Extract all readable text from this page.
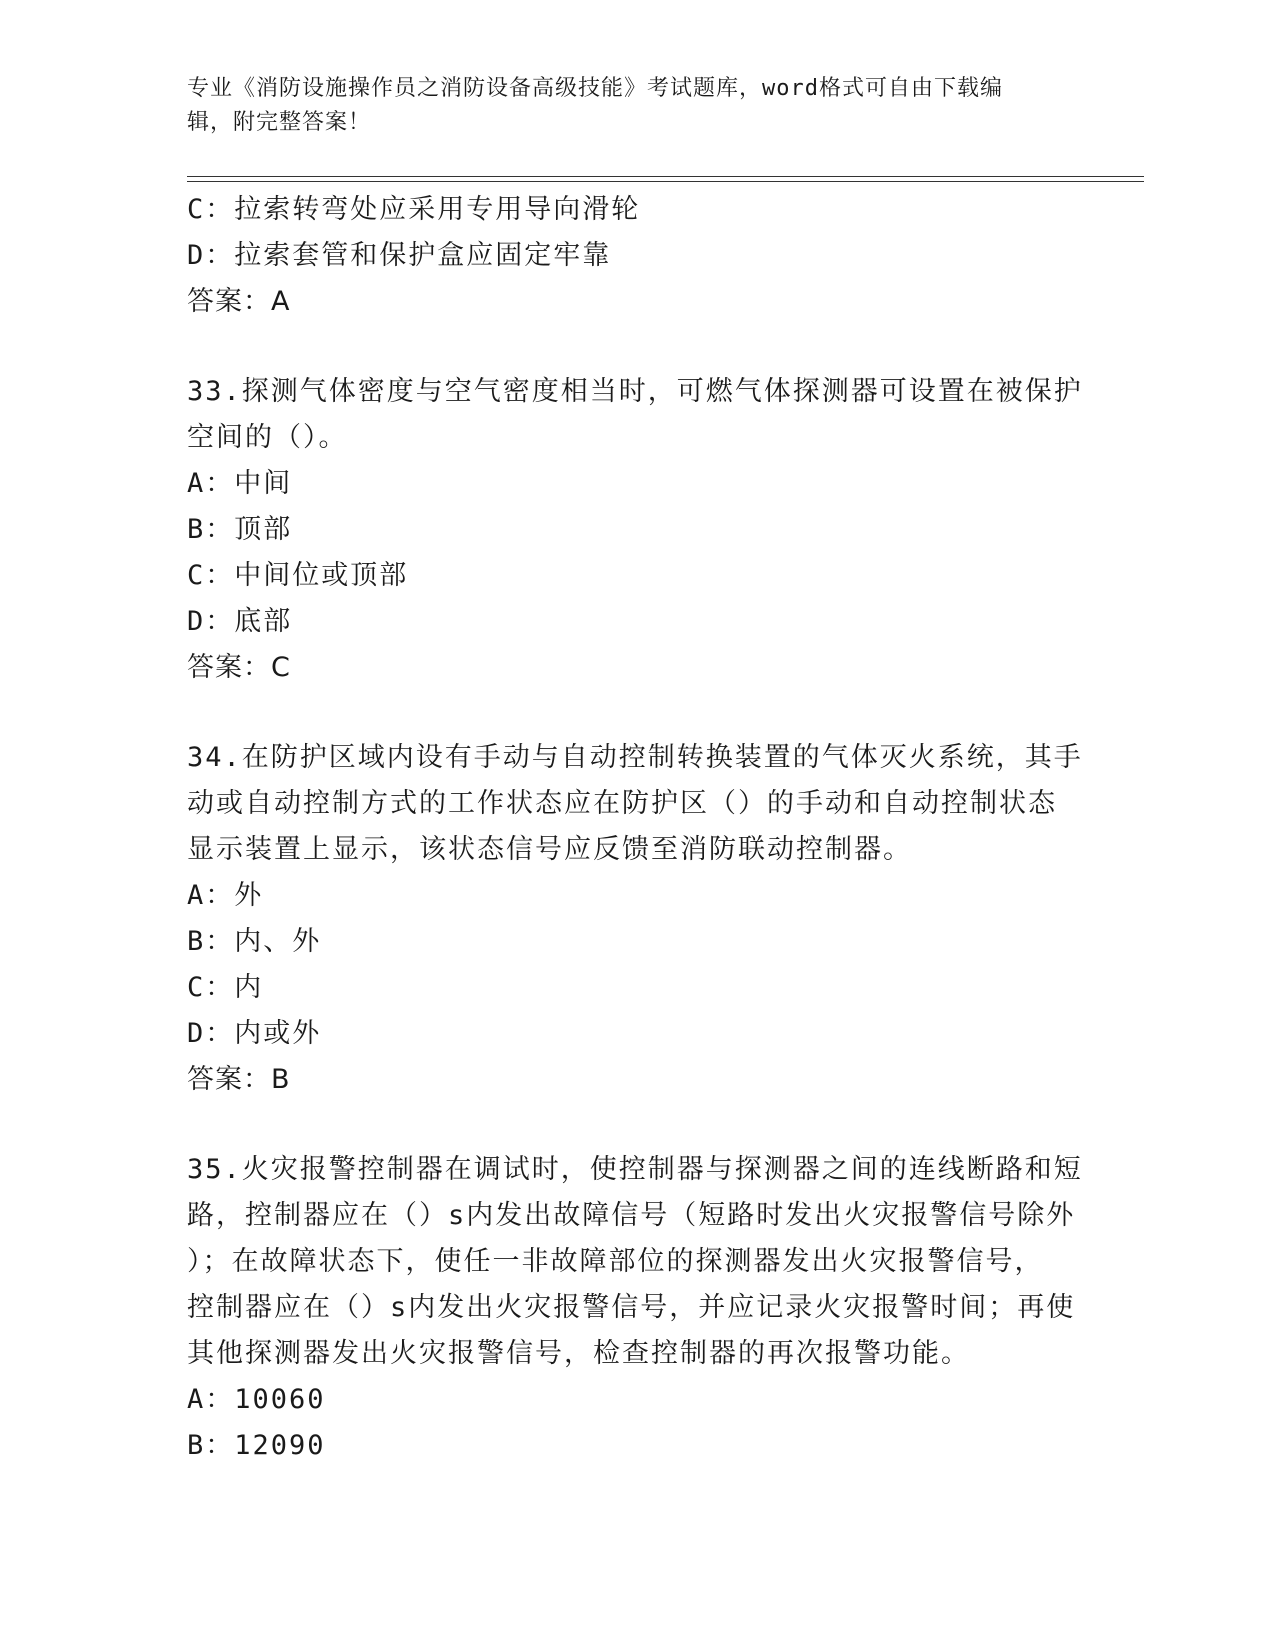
专业《消防设施操作员之消防设备高级技能》考试题库，word格式可自由下载编
辑，附完整答案！
C：拉索转弯处应采用专用导向滑轮
D：拉索套管和保护盒应固定牢靠
答案：A
33.探测气体密度与空气密度相当时，可燃气体探测器可设置在被保护
空间的（）。
A：中间
B：顶部
C：中间位或顶部
D：底部
答案：C
34.在防护区域内设有手动与自动控制转换装置的气体灭火系统，其手
动或自动控制方式的工作状态应在防护区（）的手动和自动控制状态
显示装置上显示，该状态信号应反馈至消防联动控制器。
A：外
B：内、外
C：内
D：内或外
答案：B
35.火灾报警控制器在调试时，使控制器与探测器之间的连线断路和短
路，控制器应在（）s内发出故障信号（短路时发出火灾报警信号除外
）；在故障状态下，使任一非故障部位的探测器发出火灾报警信号，
控制器应在（）s内发出火灾报警信号，并应记录火灾报警时间；再使
其他探测器发出火灾报警信号，检查控制器的再次报警功能。
A：10060
B：12090
